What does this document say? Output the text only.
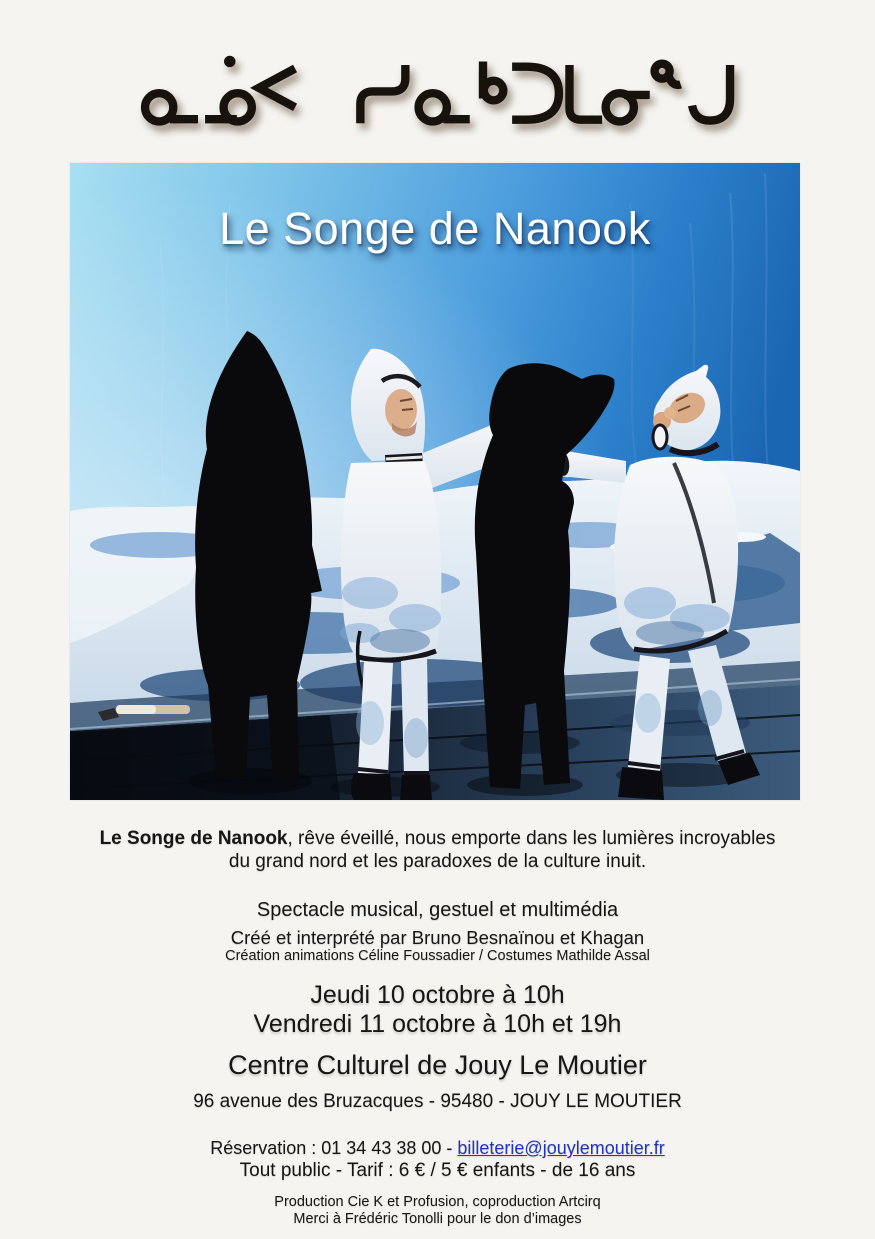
Le Songe de Nanook

Le Songe de Nanook, rêve éveillé, nous emporte dans les lumières incroyables
du grand nord et les paradoxes de la culture inuit.

Spectacle musical, gestuel et multimédia

Créé et interprété par Bruno Besnaïnou et Khagan

Création animations Céline Foussadier / Costumes Mathilde Assal

Jeudi 10 octobre à 10h
Vendredi 11 octobre à 10h et 19h

Centre Culturel de Jouy Le Moutier

96 avenue des Bruzacques - 95480 - JOUY LE MOUTIER

Réservation : 01 34 43 38 00 - billeterie@jouylemoutier.fr

Tout public - Tarif : 6 € / 5 € enfants - de 16 ans

Production Cie K et Profusion, coproduction Artcirq
Merci à Frédéric Tonolli pour le don d’images
